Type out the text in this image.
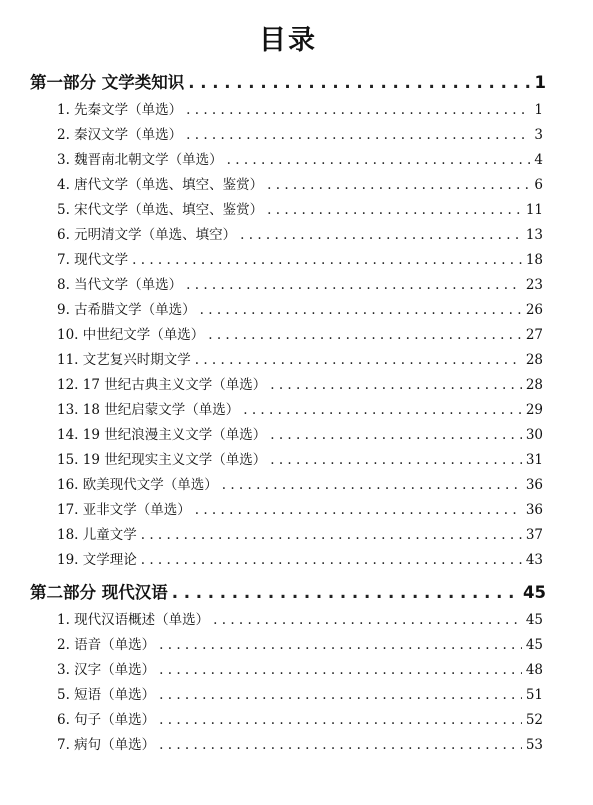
目录
第一部分 文学类知识 . . .	1
1. 先秦文学（单选） . . .	1
2. 秦汉文学（单选） . . .	3
3. 魏晋南北朝文学（单选） . . .	4
4. 唐代文学（单选、填空、鉴赏） . . .	6
5. 宋代文学（单选、填空、鉴赏） . . .	11
6. 元明清文学（单选、填空） . . .	13
7. 现代文学 . . .	18
8. 当代文学（单选） . . .	23
9. 古希腊文学（单选） . . .	26
10. 中世纪文学（单选） . . .	27
11. 文艺复兴时期文学 . . .	28
12. 17 世纪古典主义文学（单选） . . .	28
13. 18 世纪启蒙文学（单选） . . .	29
14. 19 世纪浪漫主义文学（单选） . . .	30
15. 19 世纪现实主义文学（单选） . . .	31
16. 欧美现代文学（单选） . . .	36
17. 亚非文学（单选） . . .	36
18. 儿童文学 . . .	37
19. 文学理论 . . .	43
第二部分 现代汉语 . . .	45
1. 现代汉语概述（单选） . . .	45
2. 语音（单选） . . .	45
3. 汉字（单选） . . .	48
5. 短语（单选） . . .	51
6. 句子（单选） . . .	52
7. 病句（单选） . . .	53
